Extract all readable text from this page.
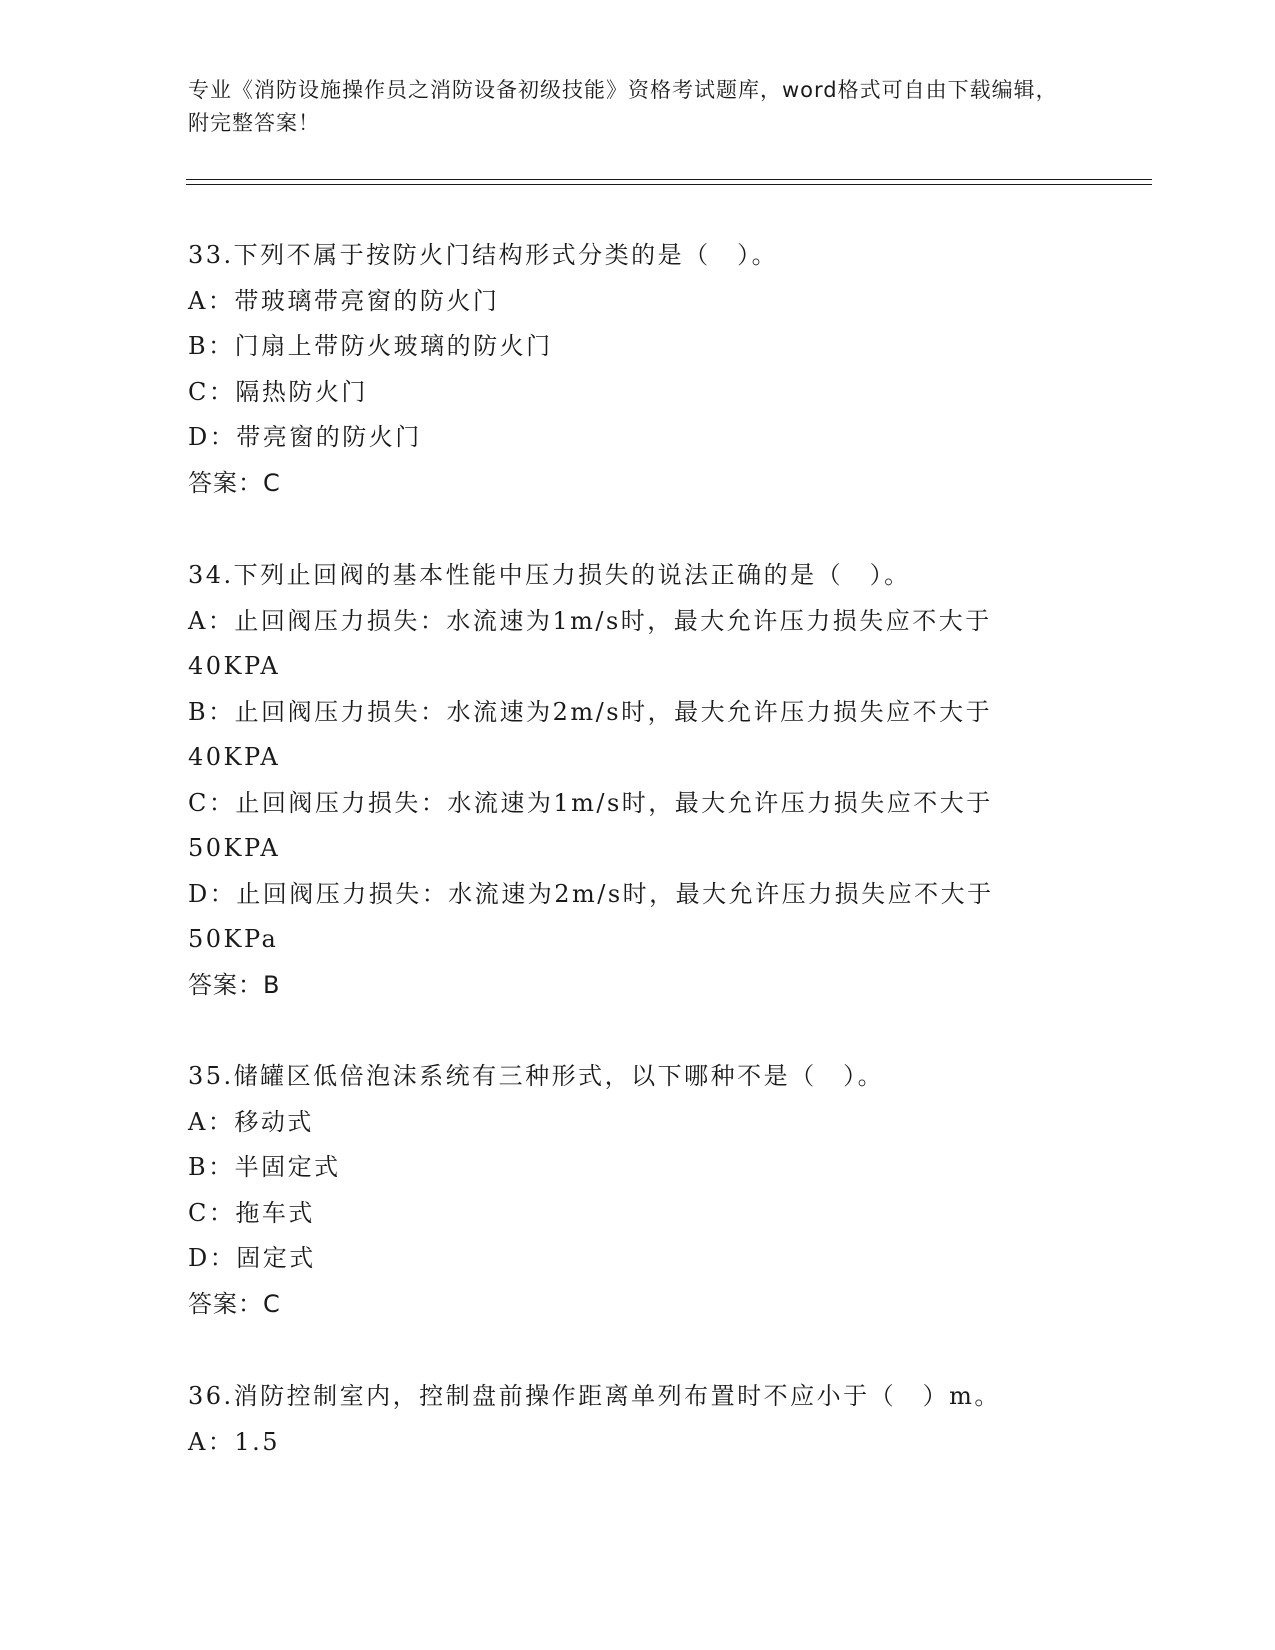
专业《消防设施操作员之消防设备初级技能》资格考试题库，word格式可自由下载编辑，附完整答案！
33.下列不属于按防火门结构形式分类的是（　）。
A：带玻璃带亮窗的防火门
B：门扇上带防火玻璃的防火门
C：隔热防火门
D：带亮窗的防火门
答案：C
34.下列止回阀的基本性能中压力损失的说法正确的是（　）。
A：止回阀压力损失：水流速为1m/s时，最大允许压力损失应不大于40KPA
B：止回阀压力损失：水流速为2m/s时，最大允许压力损失应不大于40KPA
C：止回阀压力损失：水流速为1m/s时，最大允许压力损失应不大于50KPA
D：止回阀压力损失：水流速为2m/s时，最大允许压力损失应不大于50KPa
答案：B
35.储罐区低倍泡沫系统有三种形式，以下哪种不是（　）。
A：移动式
B：半固定式
C：拖车式
D：固定式
答案：C
36.消防控制室内，控制盘前操作距离单列布置时不应小于（　）m。
A：1.5
